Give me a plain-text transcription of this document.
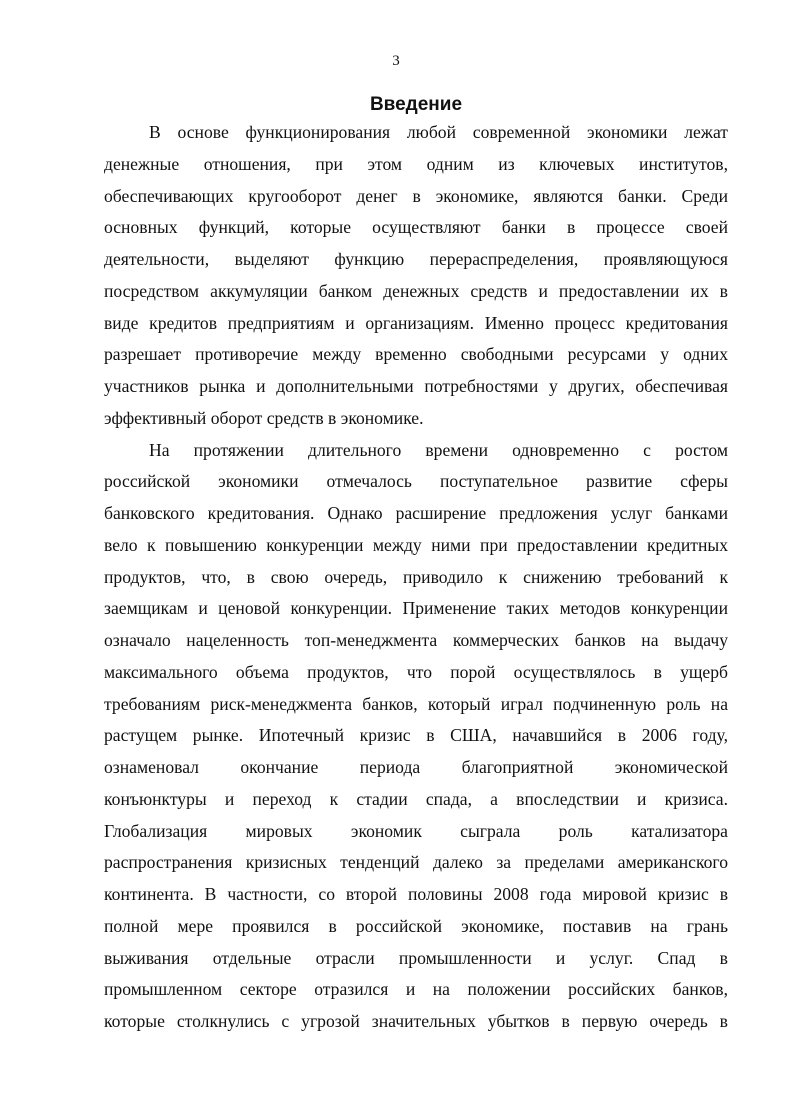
3
Введение
В основе функционирования любой современной экономики лежат
денежные отношения, при этом одним из ключевых институтов,
обеспечивающих кругооборот денег в экономике, являются банки. Среди
основных функций, которые осуществляют банки в процессе своей
деятельности, выделяют функцию перераспределения, проявляющуюся
посредством аккумуляции банком денежных средств и предоставлении их в
виде кредитов предприятиям и организациям. Именно процесс кредитования
разрешает противоречие между временно свободными ресурсами у одних
участников рынка и дополнительными потребностями у других, обеспечивая
эффективный оборот средств в экономике.
На протяжении длительного времени одновременно с ростом
российской экономики отмечалось поступательное развитие сферы
банковского кредитования. Однако расширение предложения услуг банками
вело к повышению конкуренции между ними при предоставлении кредитных
продуктов, что, в свою очередь, приводило к снижению требований к
заемщикам и ценовой конкуренции. Применение таких методов конкуренции
означало нацеленность топ-менеджмента коммерческих банков на выдачу
максимального объема продуктов, что порой осуществлялось в ущерб
требованиям риск-менеджмента банков, который играл подчиненную роль на
растущем рынке. Ипотечный кризис в США, начавшийся в 2006 году,
ознаменовал окончание периода благоприятной экономической
конъюнктуры и переход к стадии спада, а впоследствии и кризиса.
Глобализация мировых экономик сыграла роль катализатора
распространения кризисных тенденций далеко за пределами американского
континента. В частности, со второй половины 2008 года мировой кризис в
полной мере проявился в российской экономике, поставив на грань
выживания отдельные отрасли промышленности и услуг. Спад в
промышленном секторе отразился и на положении российских банков,
которые столкнулись с угрозой значительных убытков в первую очередь в
